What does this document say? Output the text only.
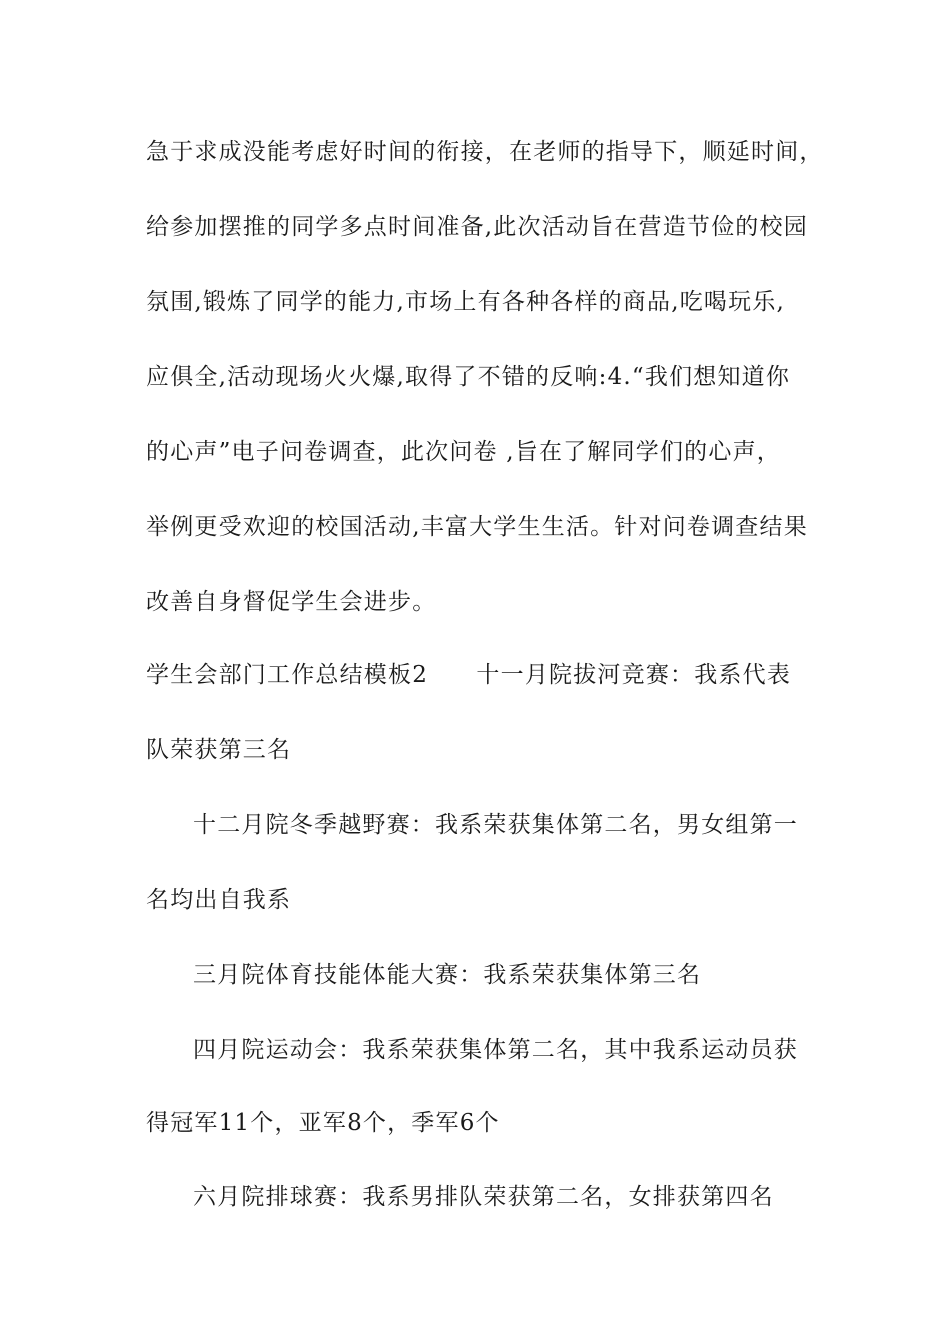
急于求成没能考虑好时间的衔接，在老师的指导下，顺延时间，
给参加摆推的同学多点时间准备,此次活动旨在营造节俭的校园
氛围,锻炼了同学的能力,市场上有各种各样的商品,吃喝玩乐,
应俱全,活动现场火火爆,取得了不错的反响:4.“我们想知道你
的心声”电子问卷调查，此次问卷 ,旨在了解同学们的心声，
举例更受欢迎的校国活动,丰富大学生生活。针对问卷调查结果
改善自身督促学生会进步。
学生会部门工作总结模板2　　十一月院拔河竞赛：我系代表
队荣获第三名
十二月院冬季越野赛：我系荣获集体第二名，男女组第一
名均出自我系
三月院体育技能体能大赛：我系荣获集体第三名
四月院运动会：我系荣获集体第二名，其中我系运动员获
得冠军11个，亚军8个，季军6个
六月院排球赛：我系男排队荣获第二名，女排获第四名
